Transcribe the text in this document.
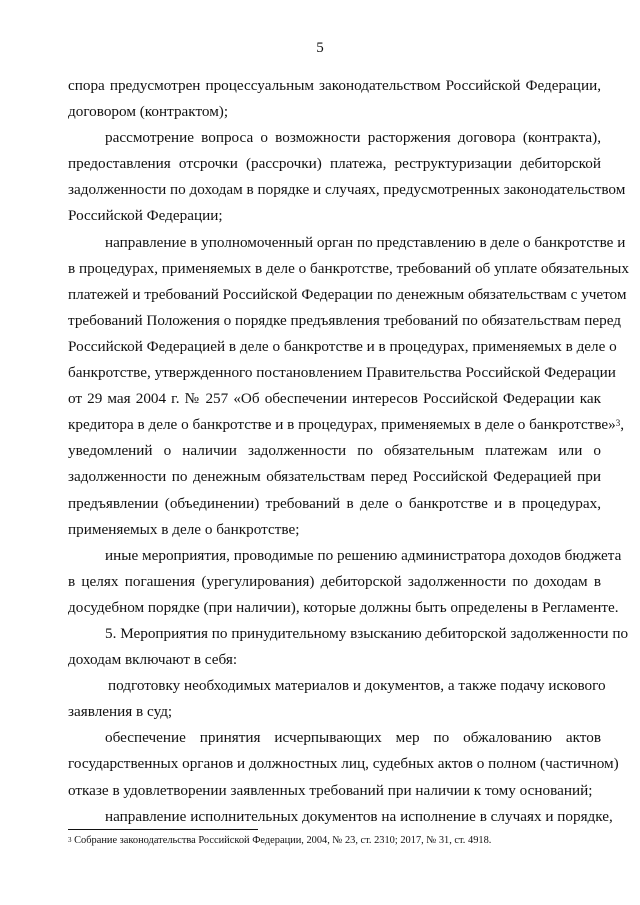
5

спора предусмотрен процессуальным законодательством Российской Федерации,
договором (контрактом);

рассмотрение вопроса о возможности расторжения договора (контракта),
предоставления отсрочки (рассрочки) платежа, реструктуризации дебиторской
задолженности по доходам в порядке и случаях, предусмотренных законодательством
Российской Федерации;

направление в уполномоченный орган по представлению в деле о банкротстве и
в процедурах, применяемых в деле о банкротстве, требований об уплате обязательных
платежей и требований Российской Федерации по денежным обязательствам с учетом
требований Положения о порядке предъявления требований по обязательствам перед
Российской Федерацией в деле о банкротстве и в процедурах, применяемых в деле о
банкротстве, утвержденного постановлением Правительства Российской Федерации
от 29 мая 2004 г. № 257 «Об обеспечении интересов Российской Федерации как
кредитора в деле о банкротстве и в процедурах, применяемых в деле о банкротстве»$^3$,
уведомлений о наличии задолженности по обязательным платежам или о
задолженности по денежным обязательствам перед Российской Федерацией при
предъявлении (объединении) требований в деле о банкротстве и в процедурах,
применяемых в деле о банкротстве;

иные мероприятия, проводимые по решению администратора доходов бюджета
в целях погашения (урегулирования) дебиторской задолженности по доходам в
досудебном порядке (при наличии), которые должны быть определены в Регламенте.

5. Мероприятия по принудительному взысканию дебиторской задолженности по
доходам включают в себя:

подготовку необходимых материалов и документов, а также подачу искового
заявления в суд;

обеспечение принятия исчерпывающих мер по обжалованию актов
государственных органов и должностных лиц, судебных актов о полном (частичном)
отказе в удовлетворении заявленных требований при наличии к тому оснований;

направление исполнительных документов на исполнение в случаях и порядке,

$^3$ Собрание законодательства Российской Федерации, 2004, № 23, ст. 2310; 2017, № 31, ст. 4918.
